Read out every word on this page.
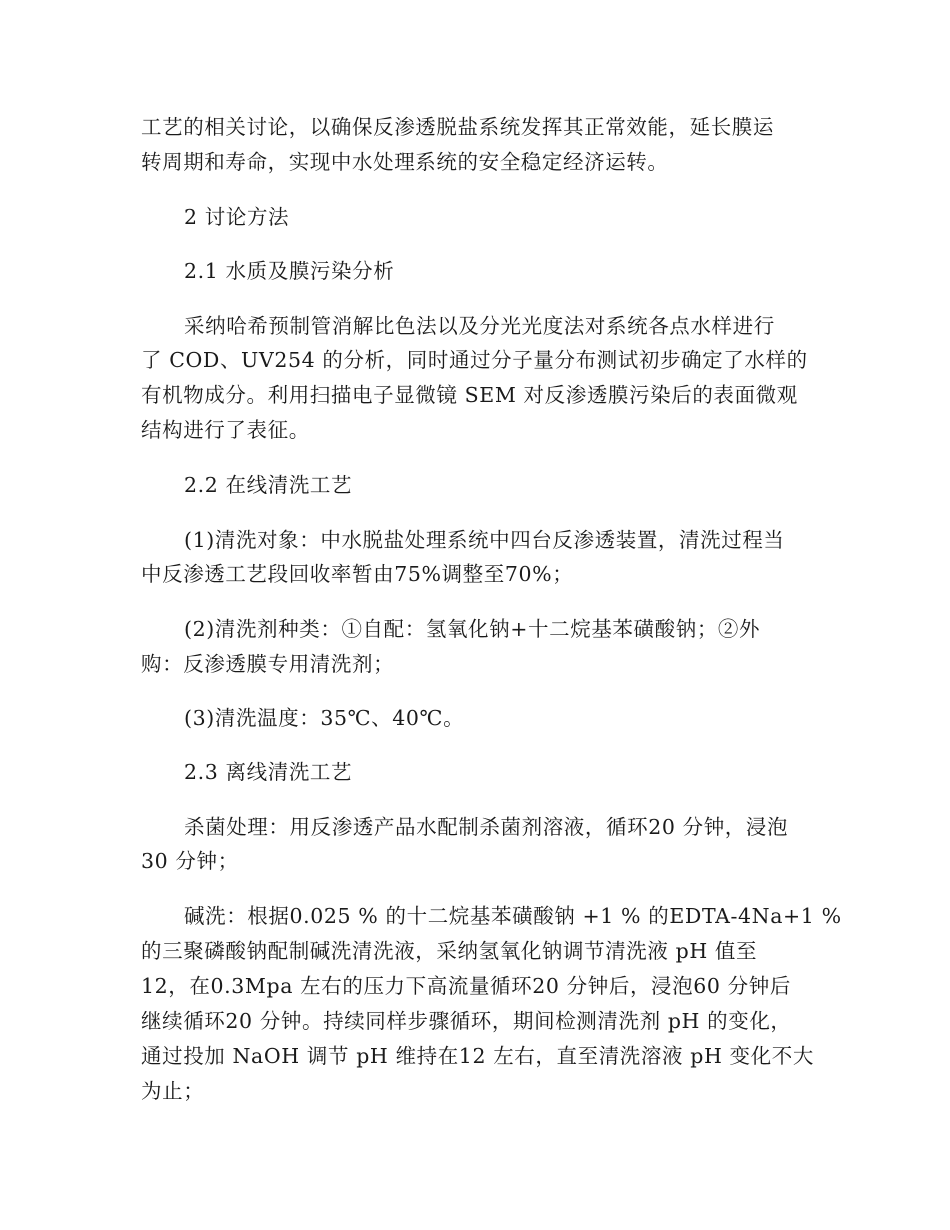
工艺的相关讨论，以确保反渗透脱盐系统发挥其正常效能，延长膜运
转周期和寿命，实现中水处理系统的安全稳定经济运转。
2 讨论方法
2.1 水质及膜污染分析
采纳哈希预制管消解比色法以及分光光度法对系统各点水样进行
了 COD、UV254 的分析，同时通过分子量分布测试初步确定了水样的
有机物成分。利用扫描电子显微镜 SEM 对反渗透膜污染后的表面微观
结构进行了表征。
2.2 在线清洗工艺
(1)清洗对象：中水脱盐处理系统中四台反渗透装置，清洗过程当
中反渗透工艺段回收率暂由75%调整至70%；
(2)清洗剂种类：①自配：氢氧化钠+十二烷基苯磺酸钠；②外
购：反渗透膜专用清洗剂；
(3)清洗温度：35℃、40℃。
2.3 离线清洗工艺
杀菌处理：用反渗透产品水配制杀菌剂溶液，循环20 分钟，浸泡
30 分钟；
碱洗：根据0.025 % 的十二烷基苯磺酸钠 +1 % 的EDTA-4Na+1 %
的三聚磷酸钠配制碱洗清洗液，采纳氢氧化钠调节清洗液 pH 值至
12，在0.3Mpa 左右的压力下高流量循环20 分钟后，浸泡60 分钟后
继续循环20 分钟。持续同样步骤循环，期间检测清洗剂 pH 的变化，
通过投加 NaOH 调节 pH 维持在12 左右，直至清洗溶液 pH 变化不大
为止；
